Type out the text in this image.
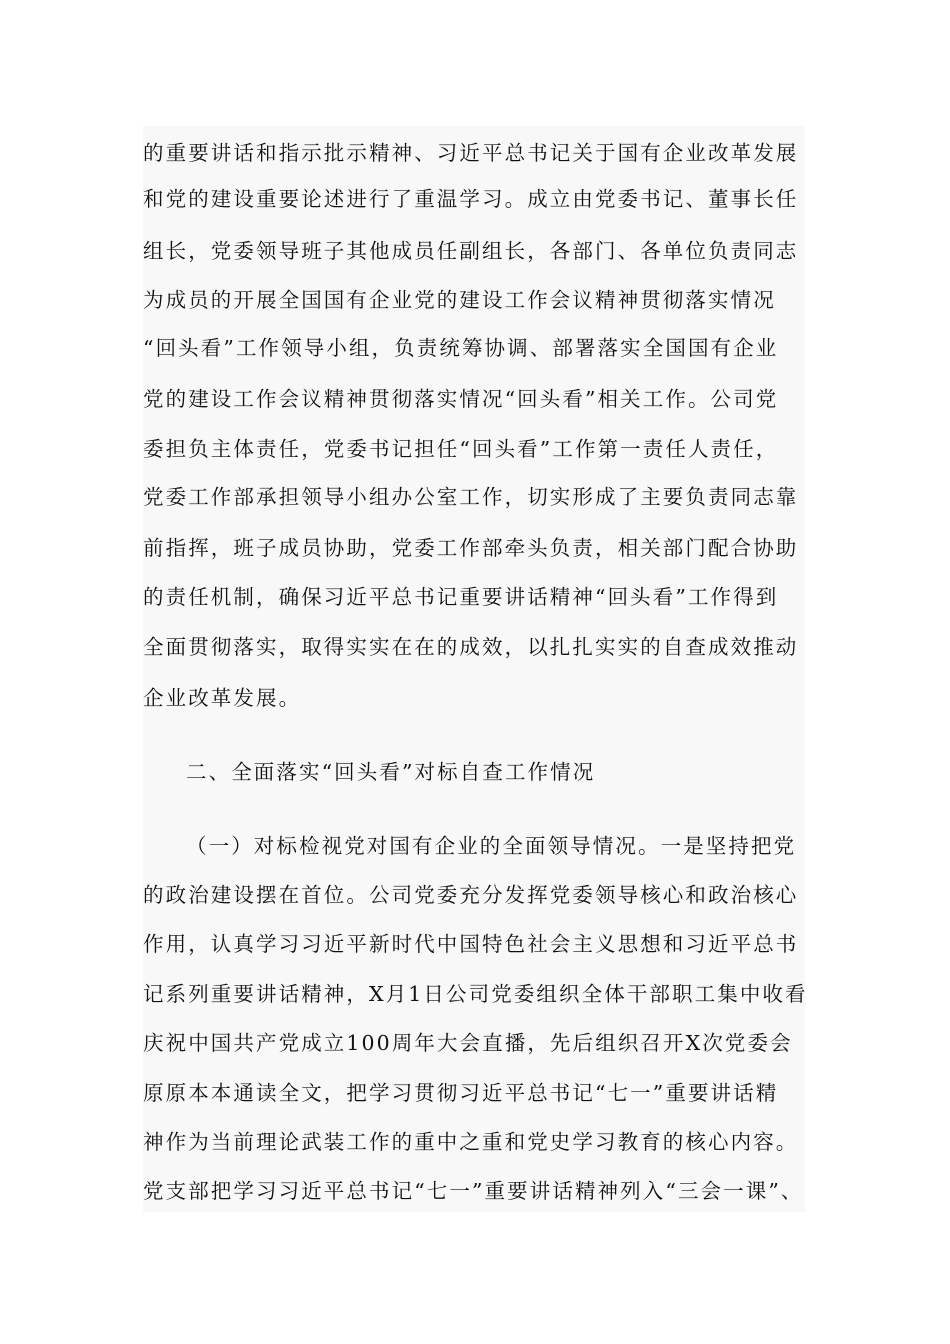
的重要讲话和指示批示精神、习近平总书记关于国有企业改革发展
和党的建设重要论述进行了重温学习。成立由党委书记、董事长任
组长，党委领导班子其他成员任副组长，各部门、各单位负责同志
为成员的开展全国国有企业党的建设工作会议精神贯彻落实情况
“回头看”工作领导小组，负责统筹协调、部署落实全国国有企业
党的建设工作会议精神贯彻落实情况“回头看”相关工作。公司党
委担负主体责任，党委书记担任“回头看”工作第一责任人责任，
党委工作部承担领导小组办公室工作，切实形成了主要负责同志靠
前指挥，班子成员协助，党委工作部牵头负责，相关部门配合协助
的责任机制，确保习近平总书记重要讲话精神“回头看”工作得到
全面贯彻落实，取得实实在在的成效，以扎扎实实的自查成效推动
企业改革发展。
二、全面落实“回头看”对标自查工作情况
（一）对标检视党对国有企业的全面领导情况。一是坚持把党
的政治建设摆在首位。公司党委充分发挥党委领导核心和政治核心
作用，认真学习习近平新时代中国特色社会主义思想和习近平总书
记系列重要讲话精神，X月1日公司党委组织全体干部职工集中收看
庆祝中国共产党成立100周年大会直播，先后组织召开X次党委会
原原本本通读全文，把学习贯彻习近平总书记“七一”重要讲话精
神作为当前理论武装工作的重中之重和党史学习教育的核心内容。
党支部把学习习近平总书记“七一”重要讲话精神列入“三会一课”、
